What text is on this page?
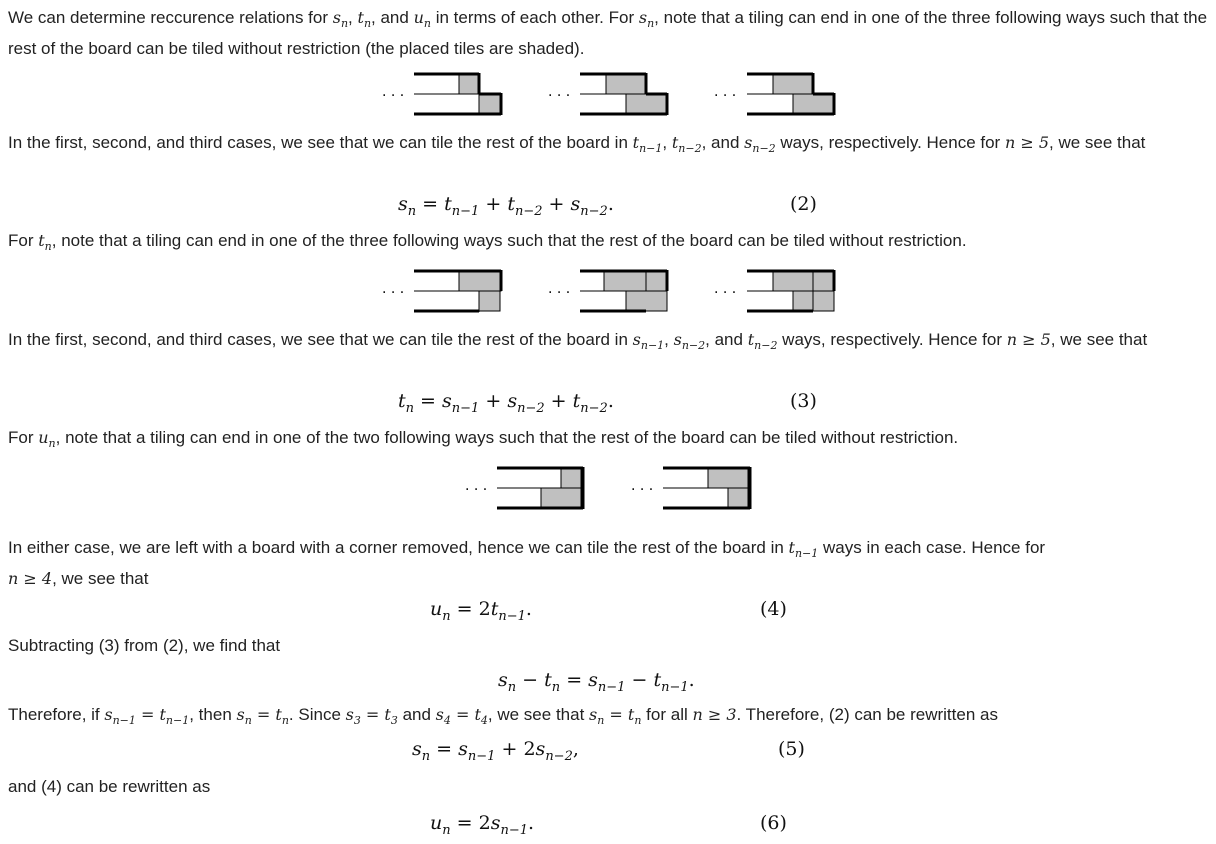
We can determine reccurence relations for $s_n$, $t_n$, and $u_n$ in terms of each other. For $s_n$, note that a tiling can end in one of the three following ways such that the rest of the board can be tiled without restriction (the placed tiles are shaded).
. . .	. . .	. . .
In the first, second, and third cases, we see that we can tile the rest of the board in $t_{n-1}$, $t_{n-2}$, and $s_{n-2}$ ways, respectively. Hence for n ≥ 5, we see that
$s_n = t_{n-1} + t_{n-2} + s_{n-2}$.	(2)
For $t_n$, note that a tiling can end in one of the three following ways such that the rest of the board can be tiled without restriction.
. . .	. . .	. . .
In the first, second, and third cases, we see that we can tile the rest of the board in $s_{n-1}$, $s_{n-2}$, and $t_{n-2}$ ways, respectively. Hence for n ≥ 5, we see that
$t_n = s_{n-1} + s_{n-2} + t_{n-2}$.	(3)
For $u_n$, note that a tiling can end in one of the two following ways such that the rest of the board can be tiled without restriction.
. . .	. . .
In either case, we are left with a board with a corner removed, hence we can tile the rest of the board in $t_{n-1}$ ways in each case. Hence for
n ≥ 4, we see that
$u_n = 2t_{n-1}$.	(4)
Subtracting (3) from (2), we find that
$s_n - t_n = s_{n-1} - t_{n-1}$.
Therefore, if $s_{n-1} = t_{n-1}$, then $s_n = t_n$. Since $s_3 = t_3$ and $s_4 = t_4$, we see that $s_n = t_n$ for all n ≥ 3. Therefore, (2) can be rewritten as
$s_n = s_{n-1} + 2s_{n-2}$,	(5)
and (4) can be rewritten as
$u_n = 2s_{n-1}$.	(6)
